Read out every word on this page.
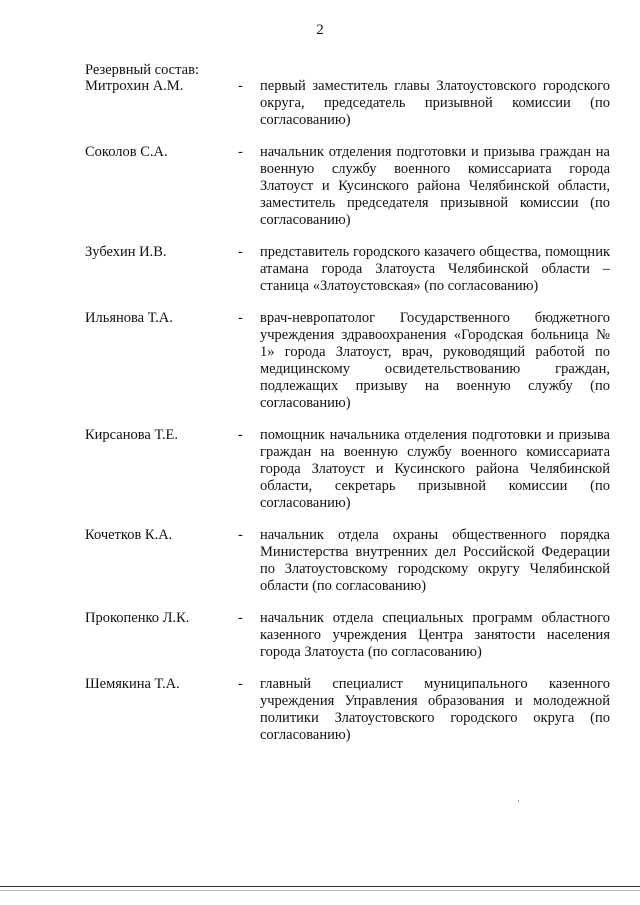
2
Резервный состав:
Митрохин А.М.	-	первый заместитель главы Златоустовского городского округа, председатель призывной комиссии (по согласованию)
Соколов С.А.	-	начальник отделения подготовки и призыва граждан на военную службу военного комиссариата города Златоуст и Кусинского района Челябинской области, заместитель председателя призывной комиссии (по согласованию)
Зубехин И.В.	-	представитель городского казачего общества, помощник атамана города Златоуста Челябинской области – станица «Златоустовская» (по согласованию)
Ильянова Т.А.	-	врач-невропатолог Государственного бюджетного учреждения здравоохранения «Городская больница № 1» города Златоуст, врач, руководящий работой по медицинскому освидетельствованию граждан, подлежащих призыву на военную службу (по согласованию)
Кирсанова Т.Е.	-	помощник начальника отделения подготовки и призыва граждан на военную службу военного комиссариата города Златоуст и Кусинского района Челябинской области, секретарь призывной комиссии (по согласованию)
Кочетков К.А.	-	начальник отдела охраны общественного порядка Министерства внутренних дел Российской Федерации по Златоустовскому городскому округу Челябинской области (по согласованию)
Прокопенко Л.К.	-	начальник отдела специальных программ областного казенного учреждения Центра занятости населения города Златоуста (по согласованию)
Шемякина Т.А.	-	главный специалист муниципального казенного учреждения Управления образования и молодежной политики Златоустовского городского округа (по согласованию)
